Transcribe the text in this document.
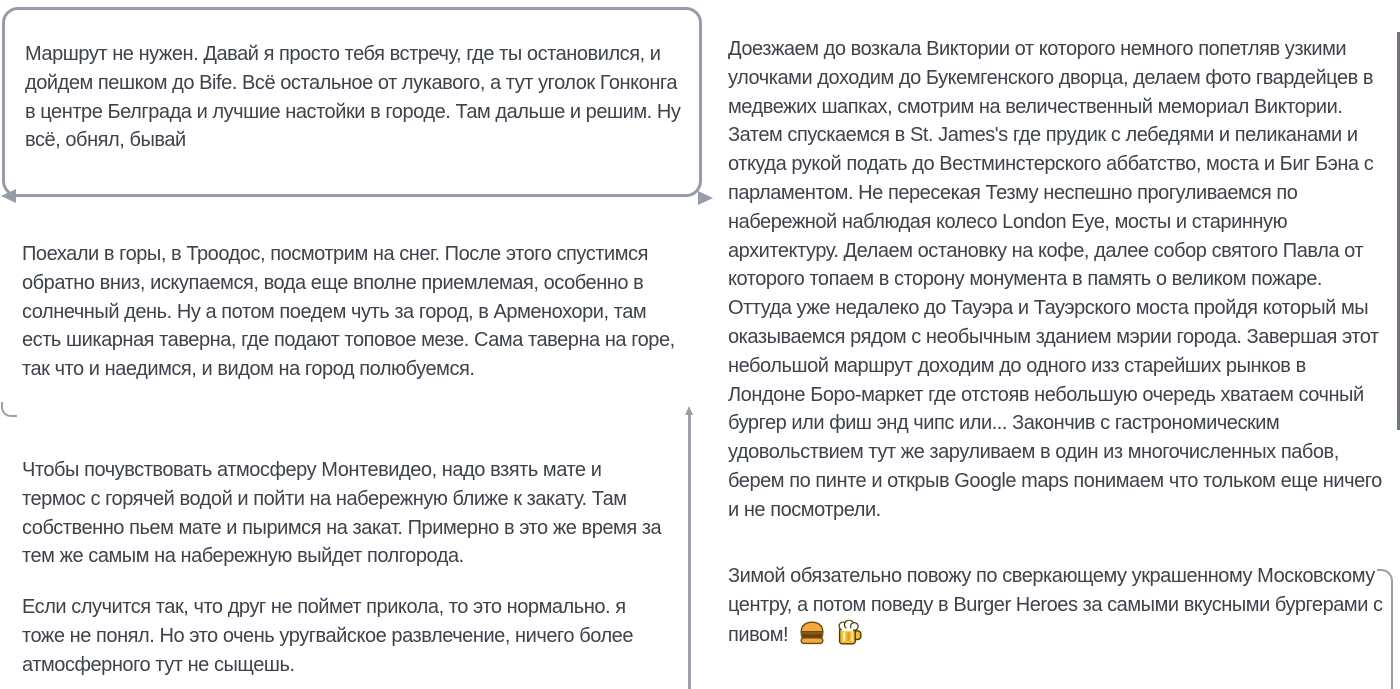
Маршрут не нужен. Давай я просто тебя встречу, где ты остановился, и дойдем пешком до Bife. Всё остальное от лукавого, а тут уголок Гонконга в центре Белграда и лучшие настойки в городе. Там дальше и решим. Ну всё, обнял, бывай
Поехали в горы, в Троодос, посмотрим на снег. После этого спустимся обратно вниз, искупаемся, вода еще вполне приемлемая, особенно в солнечный день. Ну а потом поедем чуть за город, в Арменохори, там есть шикарная таверна, где подают топовое мезе. Сама таверна на горе, так что и наедимся, и видом на город полюбуемся.

Чтобы почувствовать атмосферу Монтевидео, надо взять мате и термос с горячей водой и пойти на набережную ближе к закату. Там собственно пьем мате и пыримся на закат. Примерно в это же время за тем же самым на набережную выйдет полгорода.

Если случится так, что друг не поймет прикола, то это нормально. я тоже не понял. Но это очень уругвайское развлечение, ничего более атмосферного тут не сыщешь.

Доезжаем до возкала Виктории от которого немного попетляв узкими улочками доходим до Букемгенского дворца, делаем фото гвардейцев в медвежих шапках, смотрим на величественный мемориал Виктории. Затем спускаемся в St. James's где прудик с лебедями и пеликанами и откуда рукой подать до Вестминстерского аббатство, моста и Биг Бэна с парламентом. Не пересекая Тезму неспешно прогуливаемся по набережной наблюдая колесо London Eye, мосты и старинную архитектуру. Делаем остановку на кофе, далее собор святого Павла от которого топаем в сторону монумента в память о великом пожаре. Оттуда уже недалеко до Тауэра и Тауэрского моста пройдя который мы оказываемся рядом с необычным зданием мэрии города. Завершая этот небольшой маршрут доходим до одного изз старейших рынков в Лондоне Боро-маркет где отстояв небольшую очередь хватаем сочный бургер или фиш энд чипс или... Закончив с гастрономическим удовольствием тут же заруливаем в один из многочисленных пабов, берем по пинте и открыв Google maps понимаем что тольком еще ничего и не посмотрели.
Зимой обязательно повожу по сверкающему украшенному Московскому центру, а потом поведу в Burger Heroes за самыми вкусными бургерами с пивом!
